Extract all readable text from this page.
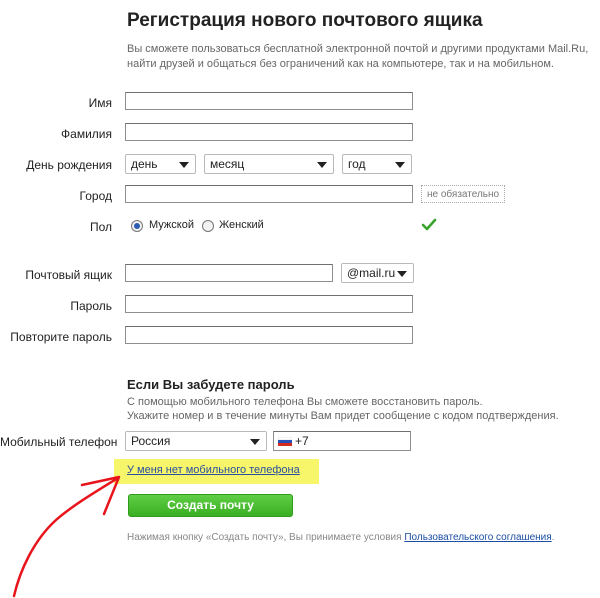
Регистрация нового почтового ящика
Вы сможете пользоваться бесплатной электронной почтой и другими продуктами Mail.Ru, найти друзей и общаться без ограничений как на компьютере, так и на мобильном.
Имя
Фамилия
День рождения	день	месяц	год
Город	не обязательно
Пол	Мужской Женский
Почтовый ящик	@mail.ru
Пароль
Повторите пароль
Если Вы забудете пароль
С помощью мобильного телефона Вы сможете восстановить пароль.
Укажите номер и в течение минуты Вам придет сообщение с кодом подтверждения.
Мобильный телефон	Россия	+7
У меня нет мобильного телефона
Создать почту
Нажимая кнопку «Создать почту», Вы принимаете условия Пользовательского соглашения.
